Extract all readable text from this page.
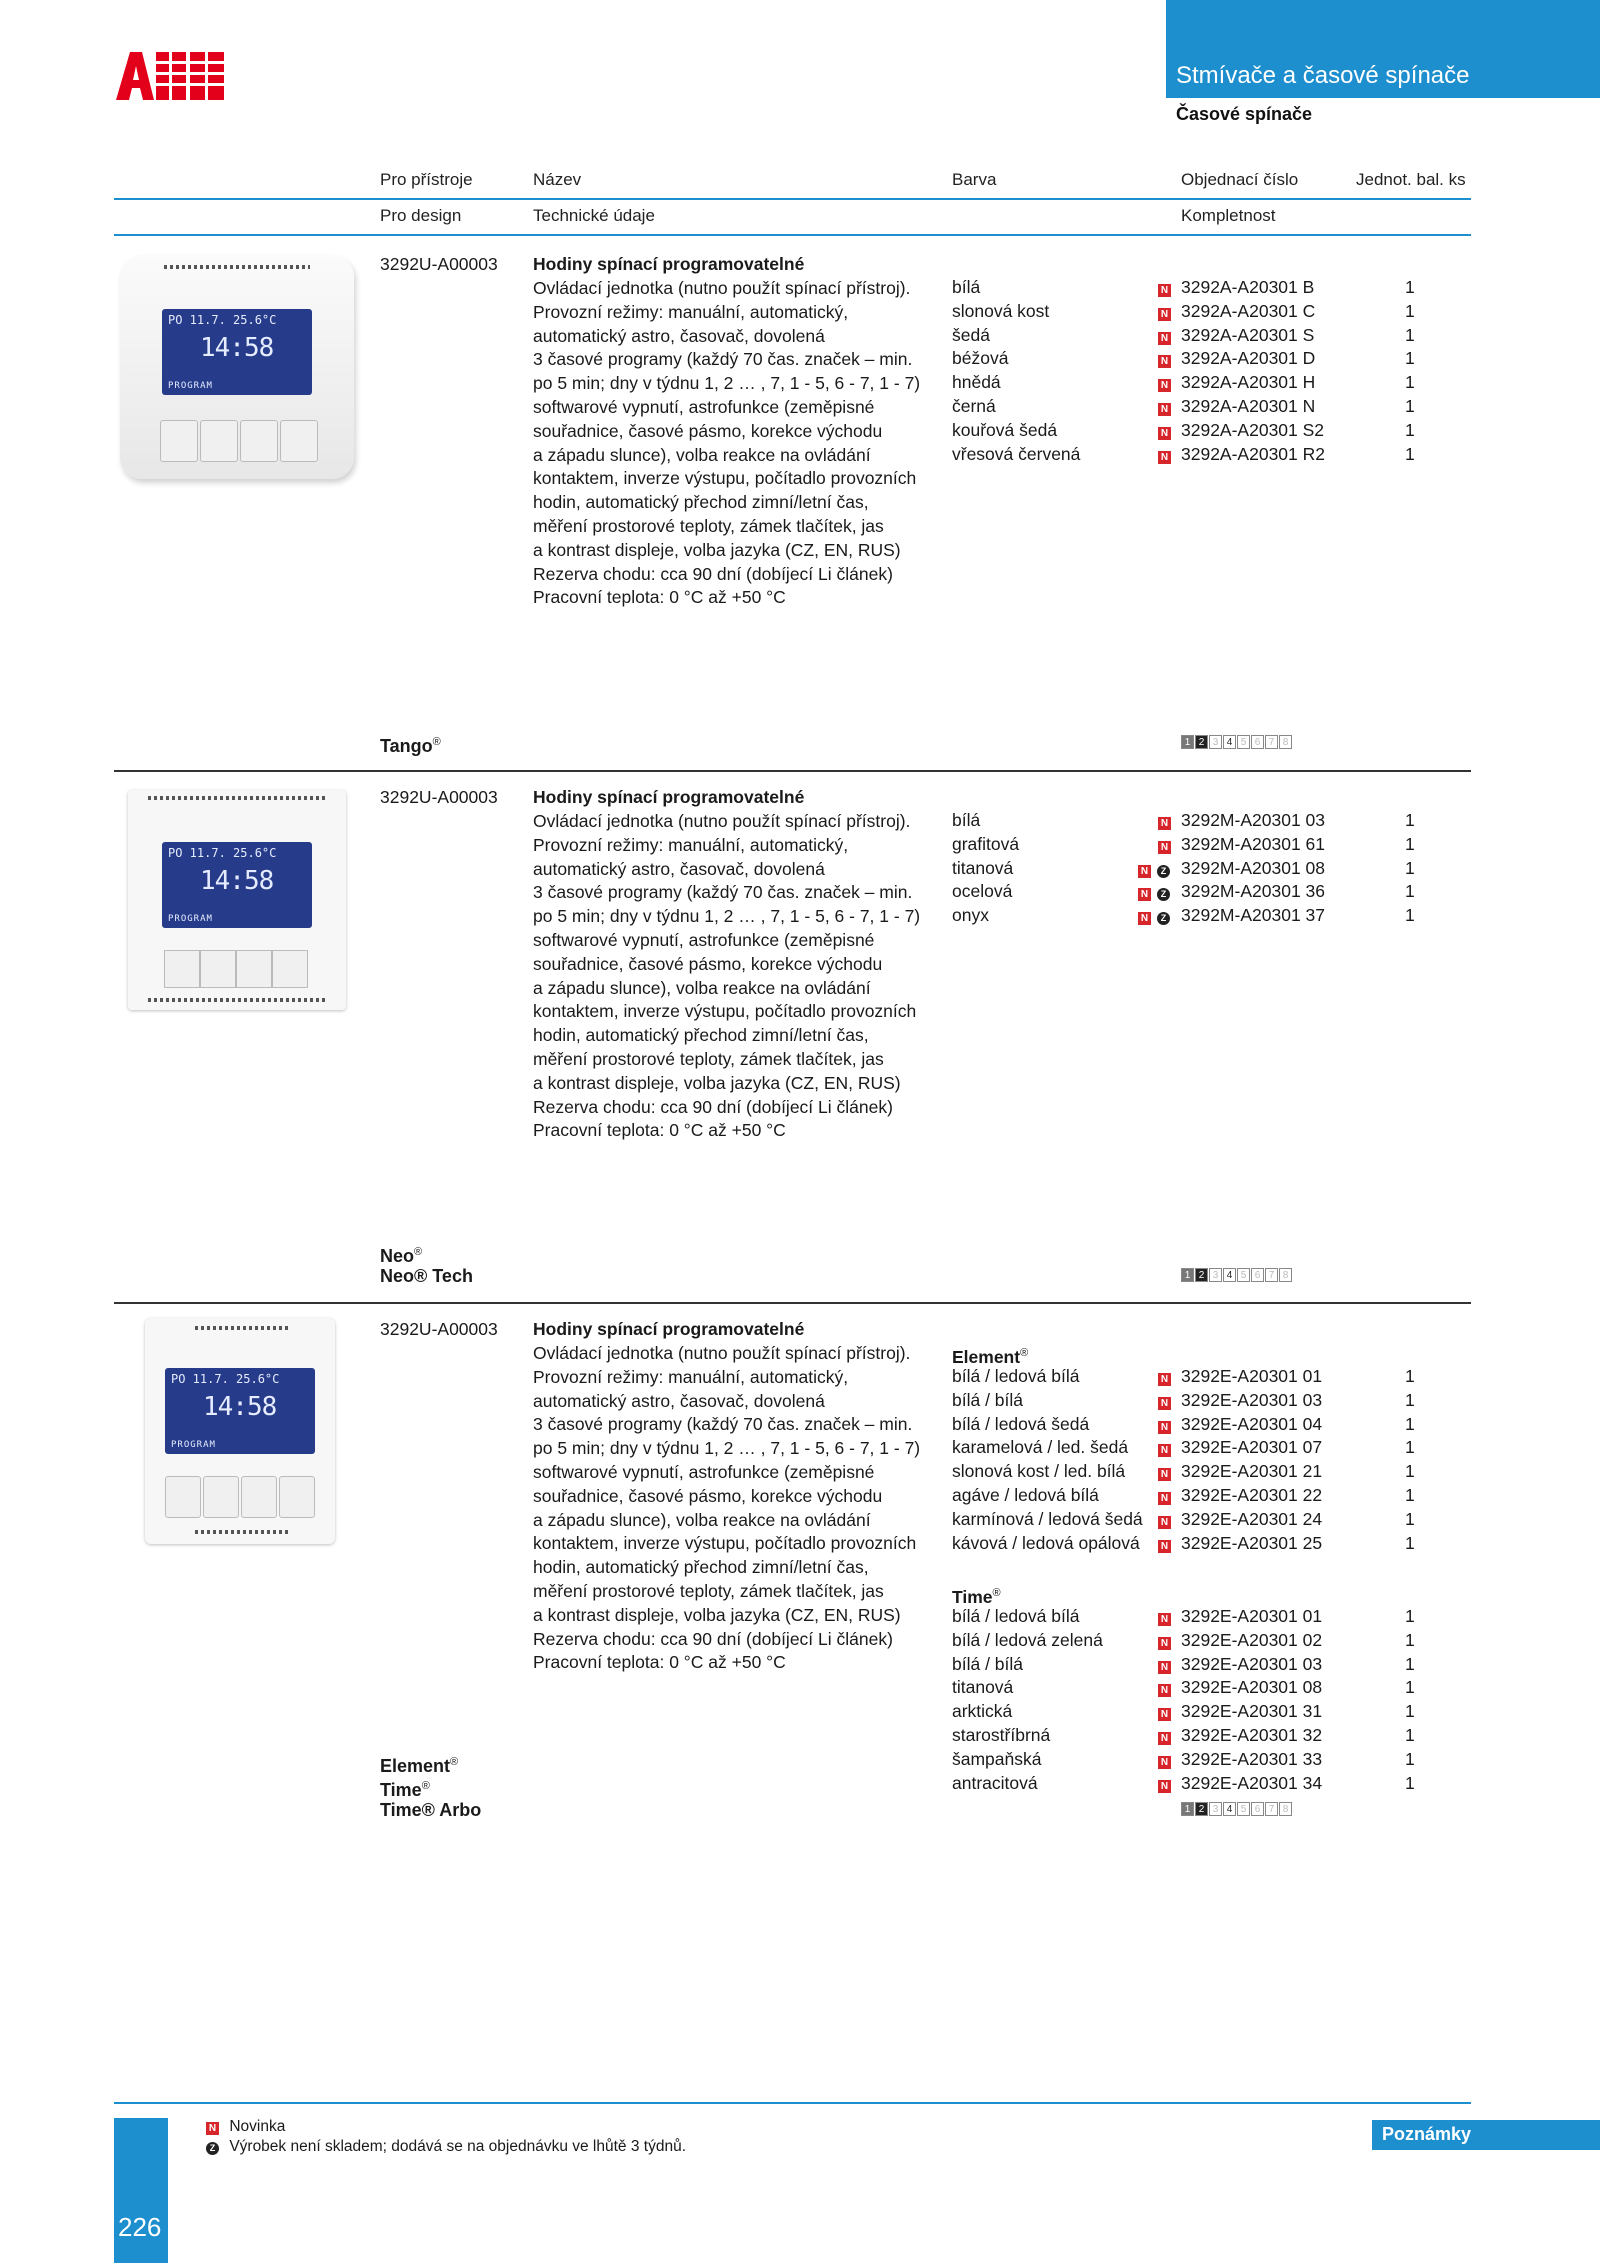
Stmívače a časové spínače
Časové spínače
Pro přístroje	Název	Barva	Objednací číslo	Jednot. bal. ks
Pro design	Technické údaje	Kompletnost
PO 11.7. 25.6°C
14:58
PROGRAM
3292U-A00003 Hodiny spínací programovatelné
Ovládací jednotka (nutno použít spínací přístroj).
Provozní režimy: manuální, automatický,
automatický astro, časovač, dovolená
3 časové programy (každý 70 čas. značek – min.
po 5 min; dny v týdnu 1, 2 … , 7, 1 - 5, 6 - 7, 1 - 7)
softwarové vypnutí, astrofunkce (zeměpisné
souřadnice, časové pásmo, korekce východu
a západu slunce), volba reakce na ovládání
kontaktem, inverze výstupu, počítadlo provozních
hodin, automatický přechod zimní/letní čas,
měření prostorové teploty, zámek tlačítek, jas
a kontrast displeje, volba jazyka (CZ, EN, RUS)
Rezerva chodu: cca 90 dní (dobíjecí Li článek)
Pracovní teplota: 0 °C až +50 °C
bílá	N 3292A-A20301 B	1
slonová kost	N 3292A-A20301 C	1
šedá	N 3292A-A20301 S	1
béžová	N 3292A-A20301 D	1
hnědá	N 3292A-A20301 H	1
černá	N 3292A-A20301 N	1
kouřová šedá	N 3292A-A20301 S2	1
vřesová červená	N 3292A-A20301 R2	1
Tango®	1 2 3 4 5 6 7 8
PO 11.7. 25.6°C
14:58
PROGRAM
3292U-A00003 Hodiny spínací programovatelné
Ovládací jednotka (nutno použít spínací přístroj).
Provozní režimy: manuální, automatický,
automatický astro, časovač, dovolená
3 časové programy (každý 70 čas. značek – min.
po 5 min; dny v týdnu 1, 2 … , 7, 1 - 5, 6 - 7, 1 - 7)
softwarové vypnutí, astrofunkce (zeměpisné
souřadnice, časové pásmo, korekce východu
a západu slunce), volba reakce na ovládání
kontaktem, inverze výstupu, počítadlo provozních
hodin, automatický přechod zimní/letní čas,
měření prostorové teploty, zámek tlačítek, jas
a kontrast displeje, volba jazyka (CZ, EN, RUS)
Rezerva chodu: cca 90 dní (dobíjecí Li článek)
Pracovní teplota: 0 °C až +50 °C
bílá	N 3292M-A20301 03	1
grafitová	N 3292M-A20301 61	1
titanová	N Z 3292M-A20301 08	1
ocelová	N Z 3292M-A20301 36	1
onyx	N Z 3292M-A20301 37	1
Neo®
Neo® Tech	1 2 3 4 5 6 7 8
PO 11.7. 25.6°C
14:58
PROGRAM
3292U-A00003 Hodiny spínací programovatelné
Ovládací jednotka (nutno použít spínací přístroj).
Provozní režimy: manuální, automatický,
automatický astro, časovač, dovolená
3 časové programy (každý 70 čas. značek – min.
po 5 min; dny v týdnu 1, 2 … , 7, 1 - 5, 6 - 7, 1 - 7)
softwarové vypnutí, astrofunkce (zeměpisné
souřadnice, časové pásmo, korekce východu
a západu slunce), volba reakce na ovládání
kontaktem, inverze výstupu, počítadlo provozních
hodin, automatický přechod zimní/letní čas,
měření prostorové teploty, zámek tlačítek, jas
a kontrast displeje, volba jazyka (CZ, EN, RUS)
Rezerva chodu: cca 90 dní (dobíjecí Li článek)
Pracovní teplota: 0 °C až +50 °C
Element®
bílá / ledová bílá	N 3292E-A20301 01	1
bílá / bílá	N 3292E-A20301 03	1
bílá / ledová šedá	N 3292E-A20301 04	1
karamelová / led. šedá	N 3292E-A20301 07	1
slonová kost / led. bílá	N 3292E-A20301 21	1
agáve / ledová bílá	N 3292E-A20301 22	1
karmínová / ledová šedá N 3292E-A20301 24	1
kávová / ledová opálová N 3292E-A20301 25	1
Time®
bílá / ledová bílá	N 3292E-A20301 01	1
bílá / ledová zelená	N 3292E-A20301 02	1
bílá / bílá	N 3292E-A20301 03	1
titanová	N 3292E-A20301 08	1
arktická	N 3292E-A20301 31	1
starostříbrná	N 3292E-A20301 32	1
šampaňská	N 3292E-A20301 33	1
antracitová	N 3292E-A20301 34	1
Element®
Time®
Time® Arbo	1 2 3 4 5 6 7 8
226
N Novinka
Z Výrobek není skladem; dodává se na objednávku ve lhůtě 3 týdnů.
Poznámky
